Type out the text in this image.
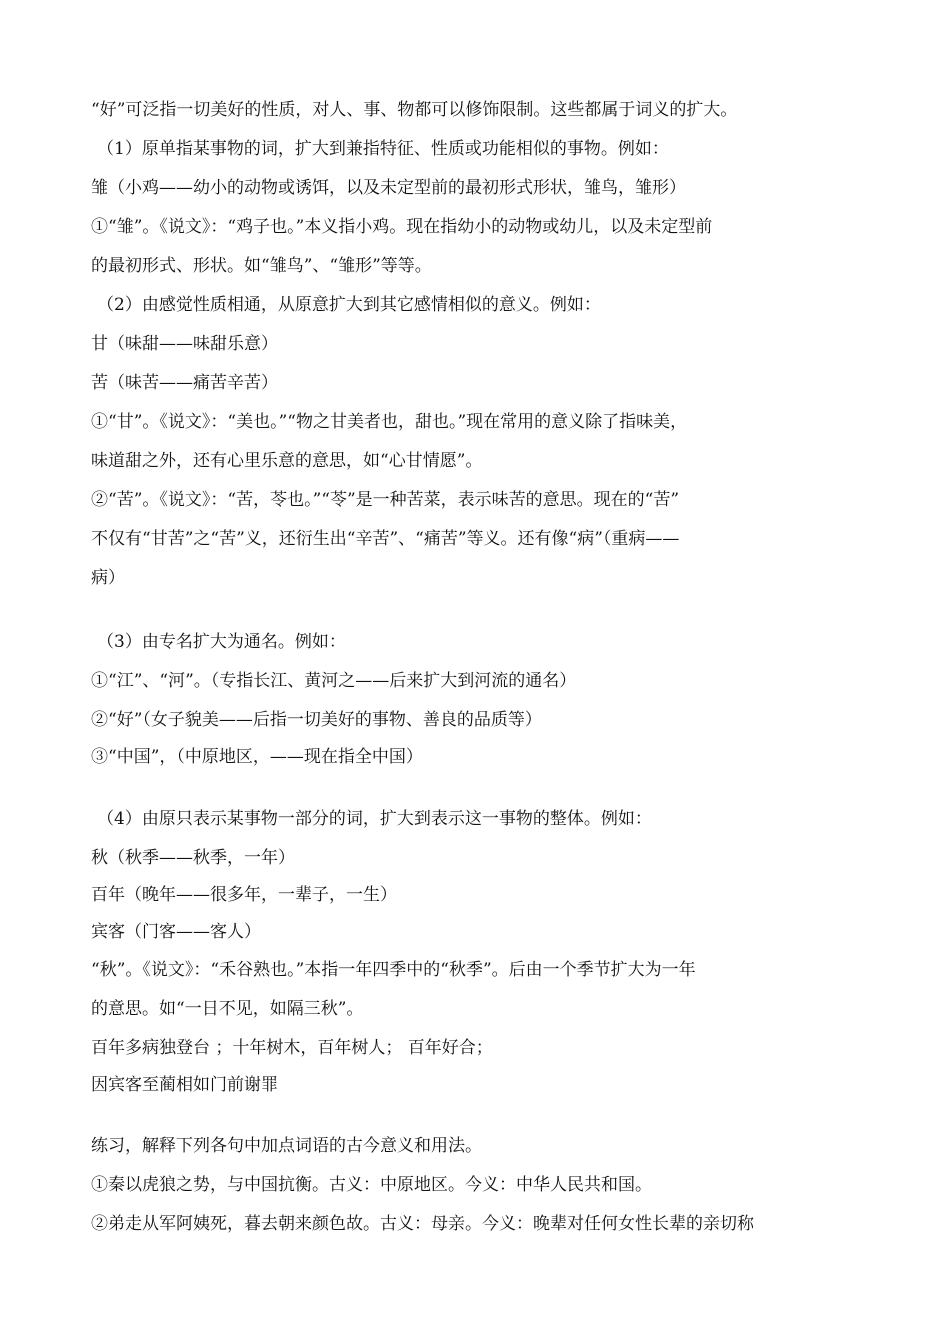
“好”可泛指一切美好的性质，对人、事、物都可以修饰限制。这些都属于词义的扩大。
（1）原单指某事物的词，扩大到兼指特征、性质或功能相似的事物。例如：
雏（小鸡——幼小的动物或诱饵，以及未定型前的最初形式形状，雏鸟，雏形）
①“雏”。《说文》：“鸡子也。”本义指小鸡。现在指幼小的动物或幼儿，以及未定型前
的最初形式、形状。如“雏鸟”、“雏形”等等。
（2）由感觉性质相通，从原意扩大到其它感情相似的意义。例如：
甘（味甜——味甜乐意）
苦（味苦——痛苦辛苦）
①“甘”。《说文》：“美也。”“物之甘美者也，甜也。”现在常用的意义除了指味美，
味道甜之外，还有心里乐意的意思，如“心甘情愿”。
②“苦”。《说文》：“苦，苓也。”“苓”是一种苦菜，表示味苦的意思。现在的“苦”
不仅有“甘苦”之“苦”义，还衍生出“辛苦”、“痛苦”等义。还有像“病”（重病——
病）
（3）由专名扩大为通名。例如：
①“江”、“河”。（专指长江、黄河之——后来扩大到河流的通名）
②“好”（女子貌美——后指一切美好的事物、善良的品质等）
③“中国”，（中原地区，——现在指全中国）
（4）由原只表示某事物一部分的词，扩大到表示这一事物的整体。例如：
秋（秋季——秋季，一年）
百年（晚年——很多年，一辈子，一生）
宾客（门客——客人）
“秋”。《说文》：“禾谷熟也。”本指一年四季中的“秋季”。后由一个季节扩大为一年
的意思。如“一日不见，如隔三秋”。
百年多病独登台 ；十年树木，百年树人； 百年好合；
因宾客至蔺相如门前谢罪
练习，解释下列各句中加点词语的古今意义和用法。
①秦以虎狼之势，与中国抗衡。古义：中原地区。今义：中华人民共和国。
②弟走从军阿姨死，暮去朝来颜色故。古义：母亲。今义：晚辈对任何女性长辈的亲切称
